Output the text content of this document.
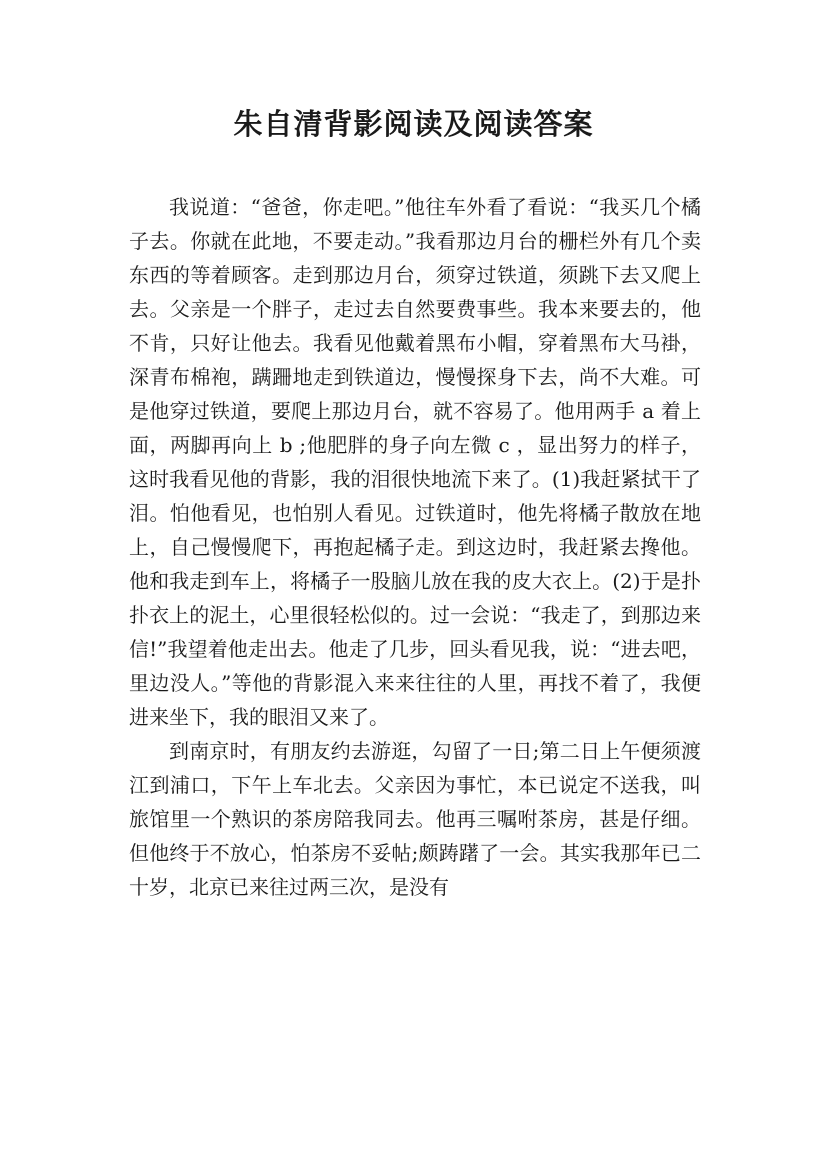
朱自清背影阅读及阅读答案

我说道：“爸爸，你走吧。”他往车外看了看说：“我买几个橘子去。你就在此地，不要走动。”我看那边月台的栅栏外有几个卖东西的等着顾客。走到那边月台，须穿过铁道，须跳下去又爬上去。父亲是一个胖子，走过去自然要费事些。我本来要去的，他不肯，只好让他去。我看见他戴着黑布小帽，穿着黑布大马褂，深青布棉袍，蹒跚地走到铁道边，慢慢探身下去，尚不大难。可是他穿过铁道，要爬上那边月台，就不容易了。他用两手 a 着上面，两脚再向上 b ;他肥胖的身子向左微 c ，显出努力的样子，这时我看见他的背影，我的泪很快地流下来了。(1)我赶紧拭干了泪。怕他看见，也怕别人看见。过铁道时，他先将橘子散放在地上，自己慢慢爬下，再抱起橘子走。到这边时，我赶紧去搀他。他和我走到车上，将橘子一股脑儿放在我的皮大衣上。(2)于是扑扑衣上的泥土，心里很轻松似的。过一会说：“我走了，到那边来信!”我望着他走出去。他走了几步，回头看见我，说：“进去吧，里边没人。”等他的背影混入来来往往的人里，再找不着了，我便进来坐下，我的眼泪又来了。

到南京时，有朋友约去游逛，勾留了一日;第二日上午便须渡江到浦口，下午上车北去。父亲因为事忙，本已说定不送我，叫旅馆里一个熟识的茶房陪我同去。他再三嘱咐茶房，甚是仔细。但他终于不放心，怕茶房不妥帖;颇踌躇了一会。其实我那年已二十岁，北京已来往过两三次，是没有
